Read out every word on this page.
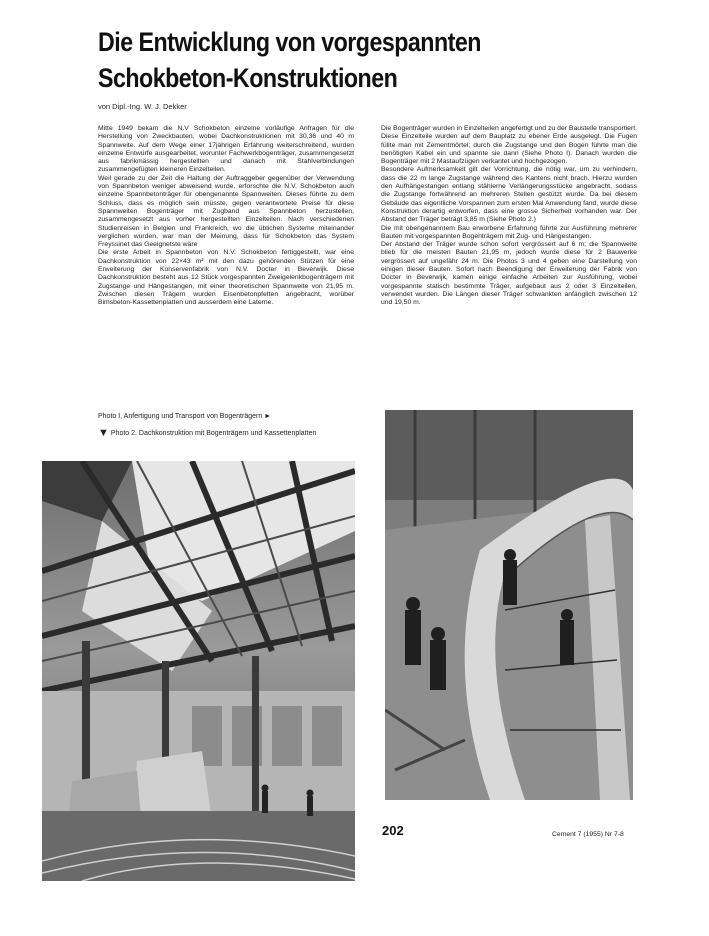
Die Entwicklung von vorgespannten
Schokbeton-Konstruktionen
von Dipl.-Ing. W. J. Dekker

Mitte 1949 bekam die N.V Schokbeton einzelne vorläufige Anfragen für die Herstellung von Zweckbauten, wobei Dachkonstruktionen mit 30,36 und 40 m Spannweite. Auf dem Wege einer 17jährigen Erfahrung weiterschreitend, wurden einzelne Entwürfe ausgearbeitet, worunter Fachwerkbogenträger, zusammengesetzt aus fabrikmässig hergestellten und danach mit Stahlverbindungen zusammengefügten kleineren Einzelteilen.

Weil gerade zu der Zeit die Haltung der Auftraggeber gegenüber der Verwendung von Spannbeton weniger abweisend wurde, erforschte die N.V. Schokbeton auch einzelne Spannbetonträger für obengenannte Spannweiten. Dieses führte zu dem Schluss, dass es möglich sein müsste, gegen verantwortete Preise für diese Spannweiten Bogenträger mit Zugband aus Spannbeton herzustellen, zusammengesetzt aus vorher hergestellten Einzelteilen. Nach verschiedenen Studienreisen in Belgien und Frankreich, wo die üblichen Systeme miteinander verglichen wurden, war man der Meinung, dass für Schokbeton das System Freyssinet das Geeignetste wäre

Die erste Arbeit in Spannbeton von N.V. Schokbeton fertiggestellt, war eine Dachkonstruktion von 22×43 m² mit den dazu gehörenden Stützen für eine Erweiterung der Konservenfabrik von N.V. Docter in Beverwijk. Diese Dachkonstruktion besteht aus 12 Stück vorgespannten Zweigelenkbogenträgern mit Zugstange und Hängestangen, mit einer theoretischen Spannweite von 21,95 m. Zwischen diesen Trägern wurden Eisenbetonpfetten angebracht, worüber Bimsbeton-Kassettenplatten und ausserdem eine Laterne.

Die Bogenträger wurden in Einzelteilen angefertigt und zu der Baustelle transportiert. Diese Einzelteile wurden auf dem Bauplatz zu ebener Erde ausgelegt. Die Fugen füllte man mit Zementmörtel; durch die Zugstange und den Bogen führte man die benötigten Kabel ein und spannte sie dann (Siehe Photo I). Danach wurden die Bogenträger mit 2 Mastaufzügen verkantet und hochgezogen.

Besondere Aufmerksamkeit gilt der Vorrichtung, die nötig war, um zu verhindern, dass die 22 m lange Zugstange während des Kantens nicht brach. Hierzu wurden den Aufhängestangen entlang stählerne Verlängerungsstücke angebracht, sodass die Zugstange fortwährend an mehreren Stellen gestützt wurde. Da bei diesem Gebäude das eigentliche Vorspannen zum ersten Mal Anwendung fand, wurde diese Konstruktion derartig entworfen, dass eine grosse Sicherheit vorhanden war. Der Abstand der Träger beträgt 3,85 m (Siehe Photo 2.)

Die mit obengenanntem Bau erworbene Erfahrung führte zur Ausführung mehrerer Bauten mit vorgespannten Bogenträgern mit Zug- und Hängestangen.

Der Abstand der Träger wurde schon sofort vergrössert auf 6 m; die Spannweite blieb für die meisten Bauten 21,95 m, jedoch wurde diese für 2 Bauwerke vergrössert auf ungefähr 24 m. Die Photos 3 und 4 geben eine Darstellung von einigen dieser Bauten. Sofort nach Beendigung der Erweiterung der Fabrik von Docter in Beverwijk, kamen einige einfache Arbeiten zur Ausführung, wobei vorgespannte statisch bestimmte Träger, aufgebaut aus 2 oder 3 Einzelteilen, verwendet wurden. Die Längen dieser Träger schwankten anfänglich zwischen 12 und 19,50 m.

Photo I, Anfertigung und Transport von Bogenträgern ►
▼ Photo 2. Dachkonstruktion mit Bogenträgern und Kassettenplatten
202	Cement 7 (1955) Nr 7-8
